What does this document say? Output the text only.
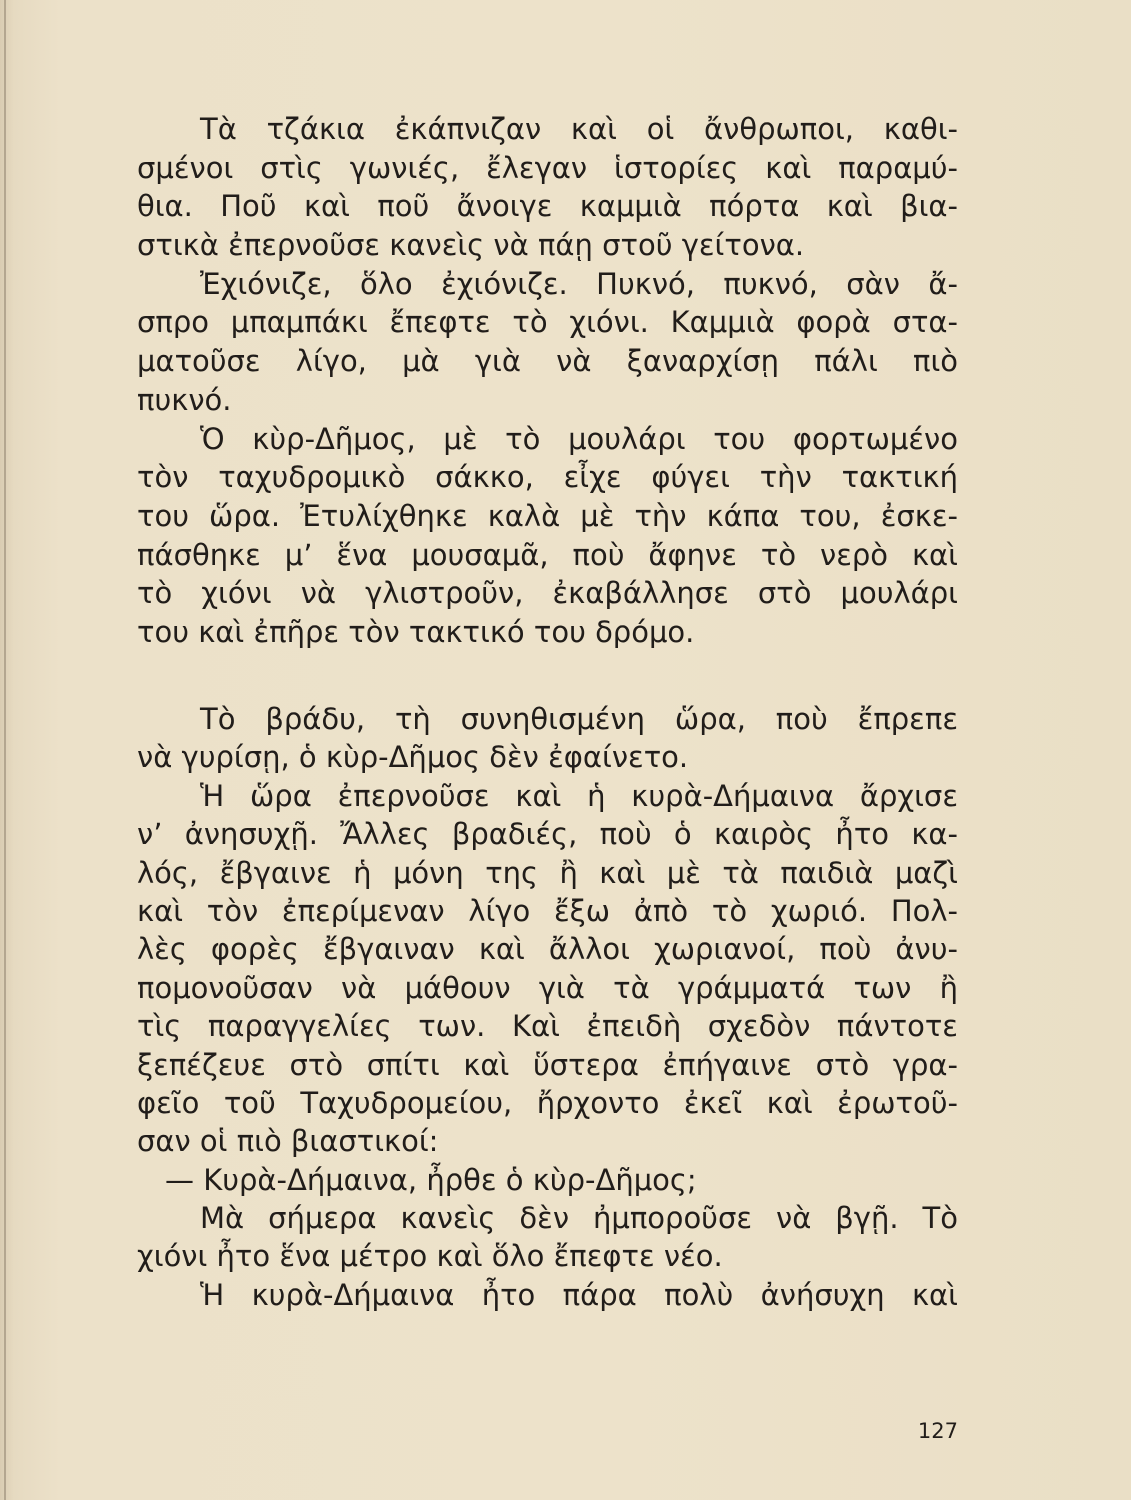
Τὰ τζάκια ἐκάπνιζαν καὶ οἱ ἄνθρωποι, καθι-
σμένοι στὶς γωνιές, ἔλεγαν ἱστορίες καὶ παραμύ-
θια. Ποῦ καὶ ποῦ ἄνοιγε καμμιὰ πόρτα καὶ βια-
στικὰ ἐπερνοῦσε κανεὶς νὰ πάῃ στοῦ γείτονα.
Ἐχιόνιζε, ὅλο ἐχιόνιζε. Πυκνό, πυκνό, σὰν ἄ-
σπρο μπαμπάκι ἔπεφτε τὸ χιόνι. Καμμιὰ φορὰ στα-
ματοῦσε λίγο, μὰ γιὰ νὰ ξαναρχίσῃ πάλι πιὸ
πυκνό.
Ὁ κὺρ-Δῆμος, μὲ τὸ μουλάρι του φορτωμένο
τὸν ταχυδρομικὸ σάκκο, εἶχε φύγει τὴν τακτική
του ὥρα. Ἐτυλίχθηκε καλὰ μὲ τὴν κάπα του, ἐσκε-
πάσθηκε μ’ ἕνα μουσαμᾶ, ποὺ ἄφηνε τὸ νερὸ καὶ
τὸ χιόνι νὰ γλιστροῦν, ἐκαβάλλησε στὸ μουλάρι
του καὶ ἐπῆρε τὸν τακτικό του δρόμο.
Τὸ βράδυ, τὴ συνηθισμένη ὥρα, ποὺ ἔπρεπε
νὰ γυρίσῃ, ὁ κὺρ-Δῆμος δὲν ἐφαίνετο.
Ἡ ὥρα ἐπερνοῦσε καὶ ἡ κυρὰ-Δήμαινα ἄρχισε
ν’ ἀνησυχῇ. Ἄλλες βραδιές, ποὺ ὁ καιρὸς ἦτο κα-
λός, ἔβγαινε ἡ μόνη της ἢ καὶ μὲ τὰ παιδιὰ μαζὶ
καὶ τὸν ἐπερίμεναν λίγο ἔξω ἀπὸ τὸ χωριό. Πολ-
λὲς φορὲς ἔβγαιναν καὶ ἄλλοι χωριανοί, ποὺ ἀνυ-
πομονοῦσαν νὰ μάθουν γιὰ τὰ γράμματά των ἢ
τὶς παραγγελίες των. Καὶ ἐπειδὴ σχεδὸν πάντοτε
ξεπέζευε στὸ σπίτι καὶ ὕστερα ἐπήγαινε στὸ γρα-
φεῖο τοῦ Ταχυδρομείου, ἤρχοντο ἐκεῖ καὶ ἐρωτοῦ-
σαν οἱ πιὸ βιαστικοί:
— Κυρὰ-Δήμαινα, ἦρθε ὁ κὺρ-Δῆμος;
Μὰ σήμερα κανεὶς δὲν ἠμποροῦσε νὰ βγῇ. Τὸ
χιόνι ἦτο ἕνα μέτρο καὶ ὅλο ἔπεφτε νέο.
Ἡ κυρὰ-Δήμαινα ἦτο πάρα πολὺ ἀνήσυχη καὶ
127
